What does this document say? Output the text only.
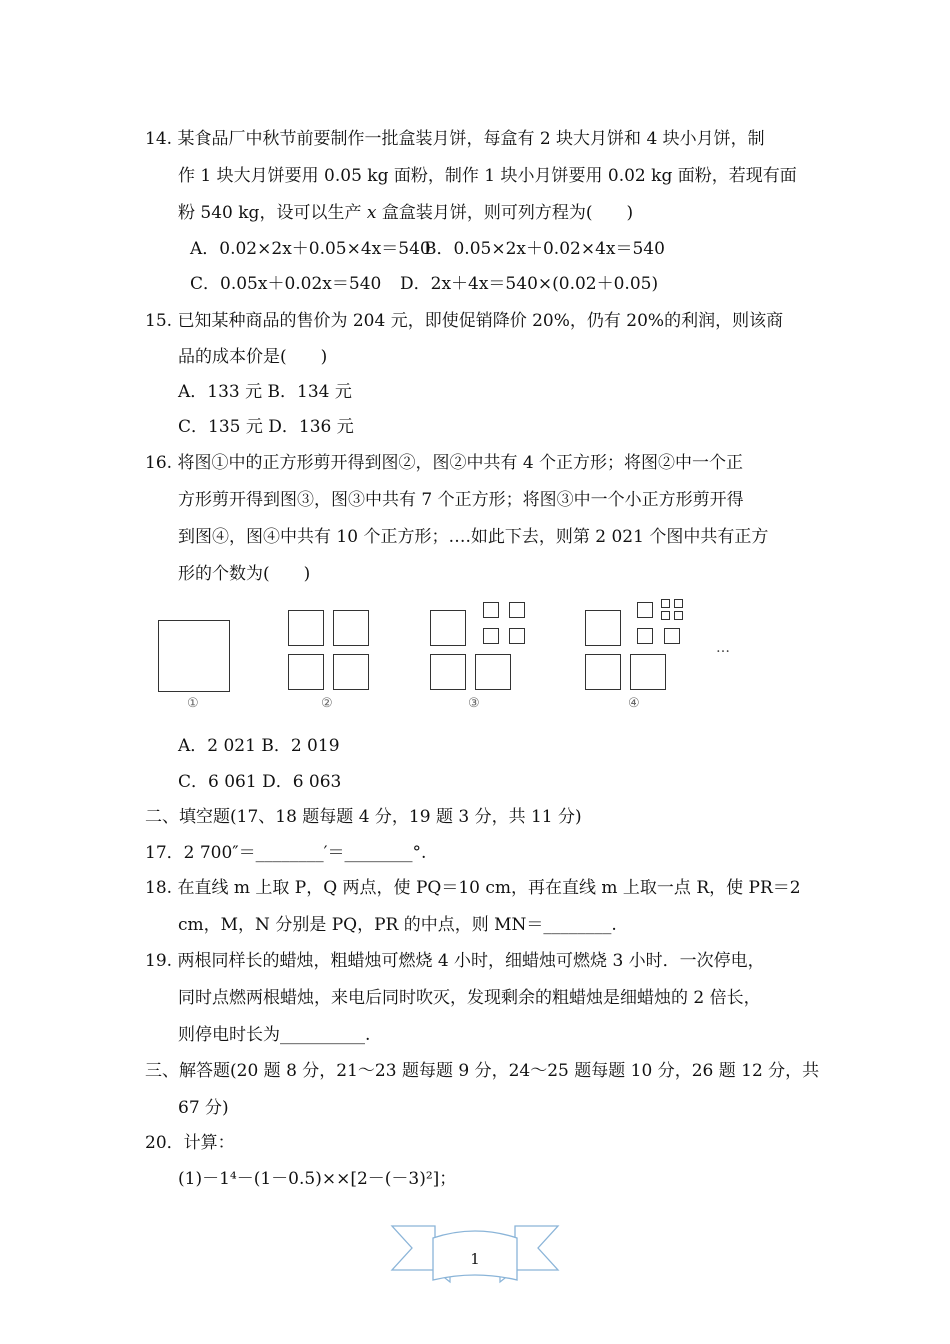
14. 某食品厂中秋节前要制作一批盒装月饼，每盒有 2 块大月饼和 4 块小月饼，制
作 1 块大月饼要用 0.05 kg 面粉，制作 1 块小月饼要用 0.02 kg 面粉，若现有面
粉 540 kg，设可以生产 x 盒盒装月饼，则可列方程为(　　)
A．0.02×2x＋0.05×4x＝540
B．0.05×2x＋0.02×4x＝540
C．0.05x＋0.02x＝540 D．2x＋4x＝540×(0.02＋0.05)
15. 已知某种商品的售价为 204 元，即使促销降价 20%，仍有 20%的利润，则该商
品的成本价是(　　)
A．133 元 B．134 元
C．135 元 D．136 元
16. 将图①中的正方形剪开得到图②，图②中共有 4 个正方形；将图②中一个正
方形剪开得到图③，图③中共有 7 个正方形；将图③中一个小正方形剪开得
到图④，图④中共有 10 个正方形；….如此下去，则第 2 021 个图中共有正方
形的个数为(　　)
…
①	②	③	④
A．2 021 B．2 019
C．6 061 D．6 063
二、填空题(17、18 题每题 4 分，19 题 3 分，共 11 分)
17．2 700″＝________′＝________°.
18. 在直线 m 上取 P，Q 两点，使 PQ＝10 cm，再在直线 m 上取一点 R，使 PR＝2
cm，M，N 分别是 PQ，PR 的中点，则 MN＝________.
19. 两根同样长的蜡烛，粗蜡烛可燃烧 4 小时，细蜡烛可燃烧 3 小时．一次停电，
同时点燃两根蜡烛，来电后同时吹灭，发现剩余的粗蜡烛是细蜡烛的 2 倍长，
则停电时长为__________.
三、解答题(20 题 8 分，21～23 题每题 9 分，24～25 题每题 10 分，26 题 12 分，共
67 分)
20．计算：
(1)－1⁴－(1－0.5)××[2－(－3)²]；
1
